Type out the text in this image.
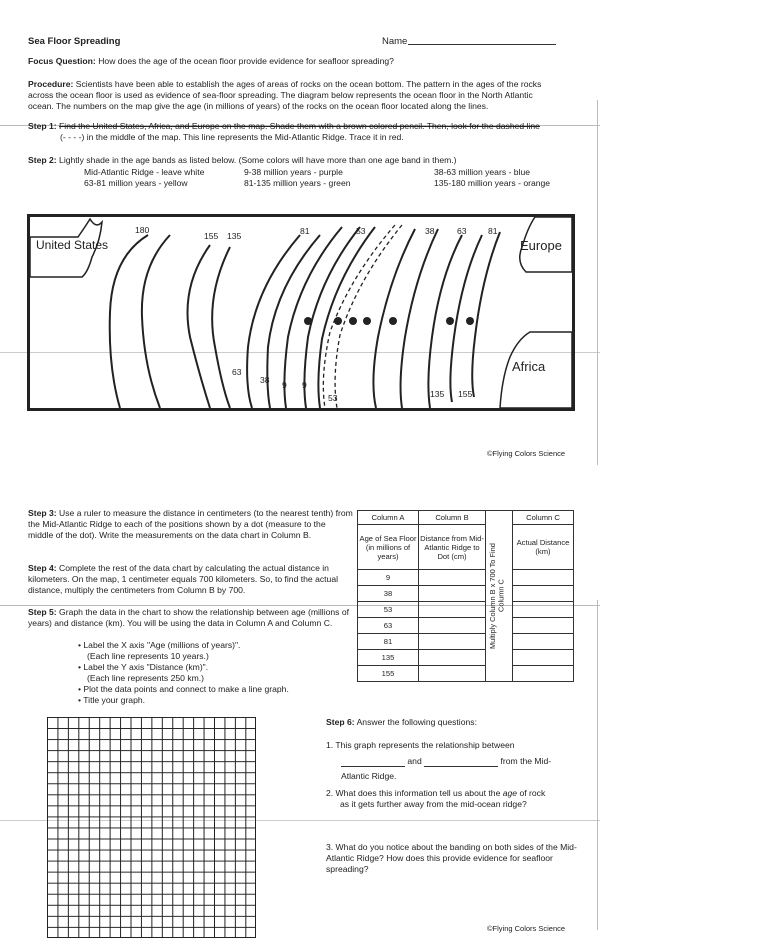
Sea Floor Spreading	Name
Focus Question: How does the age of the ocean floor provide evidence for seafloor spreading?
Procedure: Scientists have been able to establish the ages of areas of rocks on the ocean bottom. The pattern in the ages of the rocks across the ocean floor is used as evidence of sea-floor spreading. The diagram below represents the ocean floor in the North Atlantic ocean. The numbers on the map give the age (in millions of years) of the rocks on the ocean floor located along the lines.
Step 1: Find the United States, Africa, and Europe on the map. Shade them with a brown colored pencil. Then, look for the dashed line
(- - - -) in the middle of the map. This line represents the Mid-Atlantic Ridge. Trace it in red.
Step 2: Lightly shade in the age bands as listed below. (Some colors will have more than one age band in them.)
Mid-Atlantic Ridge - leave white	9-38 million years - purple	38-63 million years - blue
63-81 million years - yellow	81-135 million years - green	135-180 million years - orange
United States	Europe
Africa
180
155 135	81	53	38	63 81
63
38 9 9
53	135 155
©Flying Colors Science
Step 3: Use a ruler to measure the distance in centimeters (to the nearest tenth) from the Mid-Atlantic Ridge to each of the positions shown by a dot (measure to the middle of the dot). Write the measurements on the data chart in Column B.
Step 4: Complete the rest of the data chart by calculating the actual distance in kilometers. On the map, 1 centimeter equals 700 kilometers. So, to find the actual distance, multiply the centimeters from Column B by 700.
Step 5: Graph the data in the chart to show the relationship between age (millions of years) and distance (km). You will be using the data in Column A and Column C.
• Label the X axis "Age (millions of years)".
(Each line represents 10 years.)
• Label the Y axis "Distance (km)".
(Each line represents 250 km.)
• Plot the data points and connect to make a line graph.
• Title your graph.
Column A	Column B	Multiply Column B x 700 To Find Column C	Column C
Age of Sea Floor (in millions of years)	Distance from Mid-Atlantic Ridge to Dot (cm)		Actual Distance (km)
9			
38			
53			
63			
81			
135			
155			
Step 6: Answer the following questions:
1. This graph represents the relationship between
and	from the Mid-
Atlantic Ridge.
2. What does this information tell us about the age of rock
as it gets further away from the mid-ocean ridge?
3. What do you notice about the banding on both sides of the Mid-Atlantic Ridge? How does this provide evidence for seafloor spreading?
©Flying Colors Science
